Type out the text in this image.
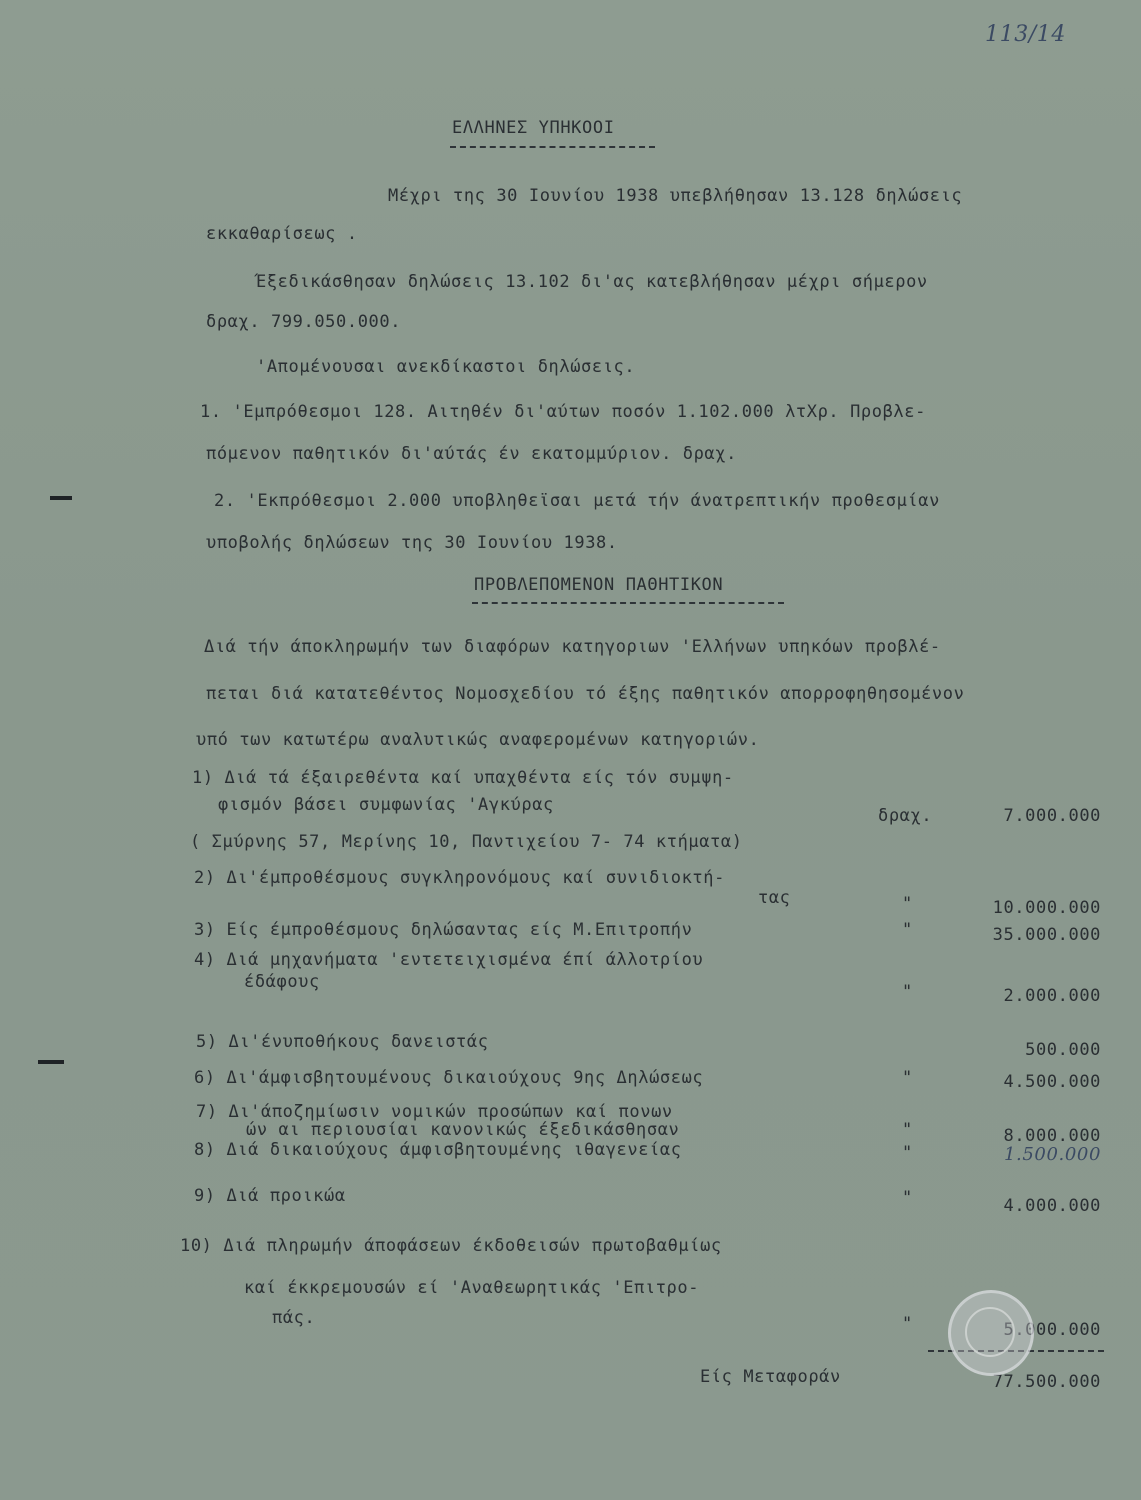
113/14
ΕΛΛΗΝΕΣ ΥΠΗΚΟΟΙ
Μέχρι της 30 Ιουνίου 1938 υπεβλήθησαν 13.128 δηλώσεις
εκκαθαρίσεως .
Έξεδικάσθησαν δηλώσεις 13.102 δι'ας κατεβλήθησαν μέχρι σήμερον
δραχ. 799.050.000.
'Απομένουσαι ανεκδίκαστοι δηλώσεις.
1. 'Εμπρόθεσμοι 128. Αιτηθέν δι'αύτων ποσόν 1.102.000 λτΧρ. Προβλε-
πόμενον παθητικόν δι'αύτάς έν εκατομμύριον. δραχ.
2. 'Εκπρόθεσμοι 2.000 υποβληθεϊσαι μετά τήν άνατρεπτικήν προθεσμίαν
υποβολής δηλώσεων της 30 Ιουνίου 1938.
ΠΡΟΒΛΕΠΟΜΕΝΟΝ ΠΑΘΗΤΙΚΟΝ
Διά τήν άποκληρωμήν των διαφόρων κατηγοριων 'Ελλήνων υπηκόων προβλέ-
πεται διά κατατεθέντος Νομοσχεδίου τό έξης παθητικόν απορροφηθησομένον
υπό των κατωτέρω αναλυτικώς αναφερομένων κατηγοριών.
1) Διά τά έξαιρεθέντα καί υπαχθέντα είς τόν συμψη-
φισμόν βάσει συμφωνίας 'Αγκύρας
δραχ.	7.000.000
( Σμύρνης 57, Μερίνης 10, Παντιχείου 7- 74 κτήματα)
2) Δι'έμπροθέσμους συγκληρονόμους καί συνιδιοκτή-
τας	"	10.000.000
3) Είς έμπροθέσμους δηλώσαντας είς Μ.Επιτροπήν	"	35.000.000
4) Διά μηχανήματα 'εντετειχισμένα έπί άλλοτρίου
έδάφους	"	2.000.000
5) Δι'ένυποθήκους δανειστάς	500.000
6) Δι'άμφισβητουμένους δικαιούχους 9ης Δηλώσεως	"	4.500.000
7) Δι'άποζημίωσιν νομικών προσώπων καί πονων
ών αι περιουσίαι κανονικώς έξεδικάσθησαν	"	8.000.000
8) Διά δικαιούχους άμφισβητουμένης ιθαγενείας	"	1.500.000
9) Διά προικώα	"	4.000.000
10) Διά πληρωμήν άποφάσεων έκδοθεισών πρωτοβαθμίως
καί έκκρεμουσών εί 'Αναθεωρητικάς 'Επιτρο-
πάς.	"	5.000.000
Είς Μεταφοράν	77.500.000
